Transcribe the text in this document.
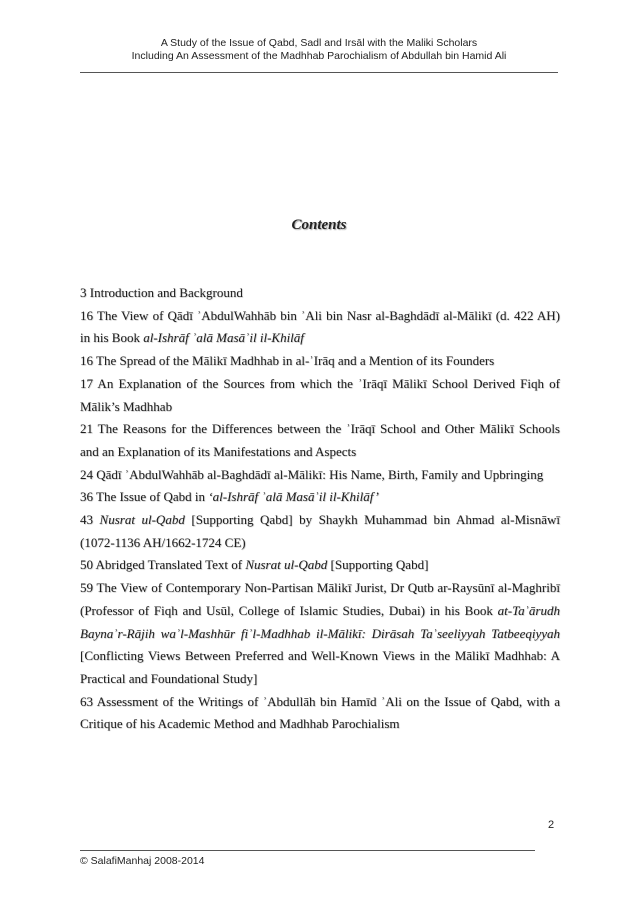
A Study of the Issue of Qabd, Sadl and Irsāl with the Maliki Scholars
Including An Assessment of the Madhhab Parochialism of Abdullah bin Hamid Ali
Contents

3 Introduction and Background

16 The View of Qādī ʾAbdulWahhāb bin ʾAli bin Nasr al-Baghdādī al-Mālikī (d. 422 AH) in his Book al-Ishrāf ʾalā Masāʾil il-Khilāf

16 The Spread of the Mālikī Madhhab in al-ʾIrāq and a Mention of its Founders

17 An Explanation of the Sources from which the ʾIrāqī Mālikī School Derived Fiqh of Mālik’s Madhhab

21 The Reasons for the Differences between the ʾIrāqī School and Other Mālikī Schools and an Explanation of its Manifestations and Aspects

24 Qādī ʾAbdulWahhāb al-Baghdādī al-Mālikī: His Name, Birth, Family and Upbringing

36 The Issue of Qabd in ‘al-Ishrāf ʾalā Masāʾil il-Khilāf’

43 Nusrat ul-Qabd [Supporting Qabd] by Shaykh Muhammad bin Ahmad al-Misnāwī (1072-1136 AH/1662-1724 CE)

50 Abridged Translated Text of Nusrat ul-Qabd [Supporting Qabd]

59 The View of Contemporary Non-Partisan Mālikī Jurist, Dr Qutb ar-Raysūnī al-Maghribī (Professor of Fiqh and Usūl, College of Islamic Studies, Dubai) in his Book at-Taʾārudh Baynaʾr-Rājih waʾl-Mashhūr fiʾl-Madhhab il-Mālikī: Dirāsah Taʾseeliyyah Tatbeeqiyyah [Conflicting Views Between Preferred and Well-Known Views in the Mālikī Madhhab: A Practical and Foundational Study]

63 Assessment of the Writings of ʾAbdullāh bin Hamīd ʾAli on the Issue of Qabd, with a Critique of his Academic Method and Madhhab Parochialism

2
© SalafiManhaj 2008-2014
